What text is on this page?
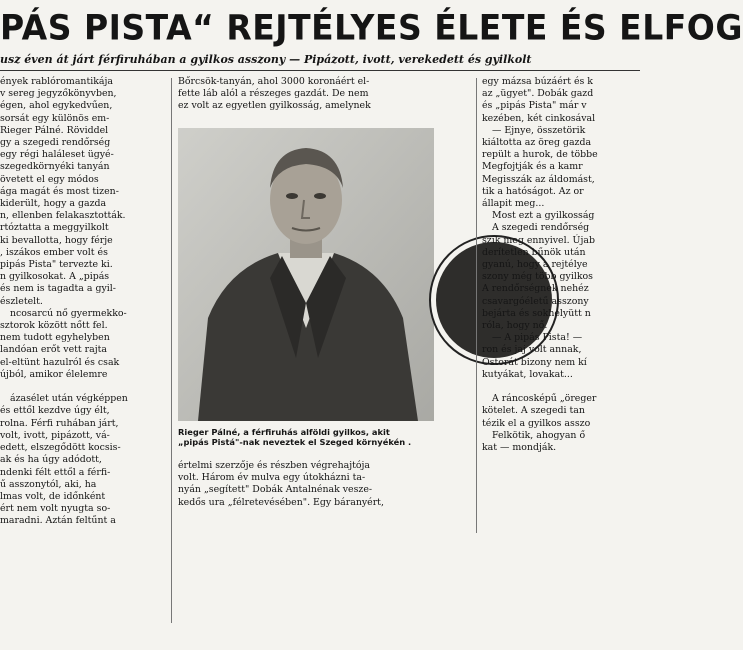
PÁS PISTA“ REJTÉLYES ÉLETE ÉS ELFOG
usz éven át járt férfiruhában a gyilkos asszony — Pipázott, ivott, verekedett és gyilkolt

ények rablóromantikája

v sereg jegyzőkönyvben,

égen, ahol egykedvűen,

sorsát egy különös em-

Rieger Pálné. Röviddel

gy a szegedi rendőrség

egy régi haláleset ügyé-

szegedkörnyéki tanyán

övetett el egy módos

ága magát és most tizen-

kiderült, hogy a gazda

n, ellenben felakasztották.

rtóztatta a meggyilkolt

ki bevallotta, hogy férje

, iszákos ember volt és

pipás Pista" tervezte ki.

n gyilkosokat. A „pipás

és nem is tagadta a gyil-

észletelt.

ncosarcú nő gyermekko-

sztorok között nőtt fel.

nem tudott egyhelyben

landóan erőt vett rajta

el-eltünt hazulról és csak

újból, amikor élelemre

ázasélet után végképpen

és ettől kezdve úgy élt,

rolna. Férfi ruhában járt,

volt, ivott, pipázott, vá-

edett, elszegődött kocsis-

ak és ha úgy adódott,

ndenki félt ettől a férfi-

ű asszonytól, aki, ha

lmas volt, de időnként

ért nem volt nyugta so-

maradni. Aztán feltűnt a

Bőrcsök-tanyán, ahol 3000 koronáért el-

fette láb alól a részeges gazdát. De nem

ez volt az egyetlen gyilkosság, amelynek

Rieger Pálné, a férfiruhás alföldi gyilkos, akit
„pipás Pistá"-nak neveztek el Szeged környékén .

értelmi szerzője és részben végrehajtója

volt. Három év mulva egy útokházni ta-

nyán „segített" Dobák Antalnénak vesze-

kedős ura „félretevésében". Egy báranyért,

egy mázsa búzáért és k

az „ügyet". Dobák gazd

és „pipás Pista" már v

kezében, két cinkosával

— Ejnye, összetörik

kiáltotta az öreg gazda

repült a hurok, de többe

Megfojtják és a kamr

Megisszák az áldomást,

tik a hatóságot. Az or

állapit meg...

Most ezt a gyilkosság

A szegedi rendőrség

szik meg ennyivel. Újab

derítetlen bűnök után

gyanú, hogy a rejtélye

szony még több gyilkos

A rendőrségnek nehéz

csavargóéletű asszony

bejárta és sokhelyütt n

róla, hogy nő.

— A pipás Pista! —

ron és jaj volt annak,

Ostorát bizony nem kí

kutyákat, lovakat...

A ráncosképű „öreger

kötelet. A szegedi tan

tézik el a gyilkos asszo

Felkötik, ahogyan ő

kat — mondják.
